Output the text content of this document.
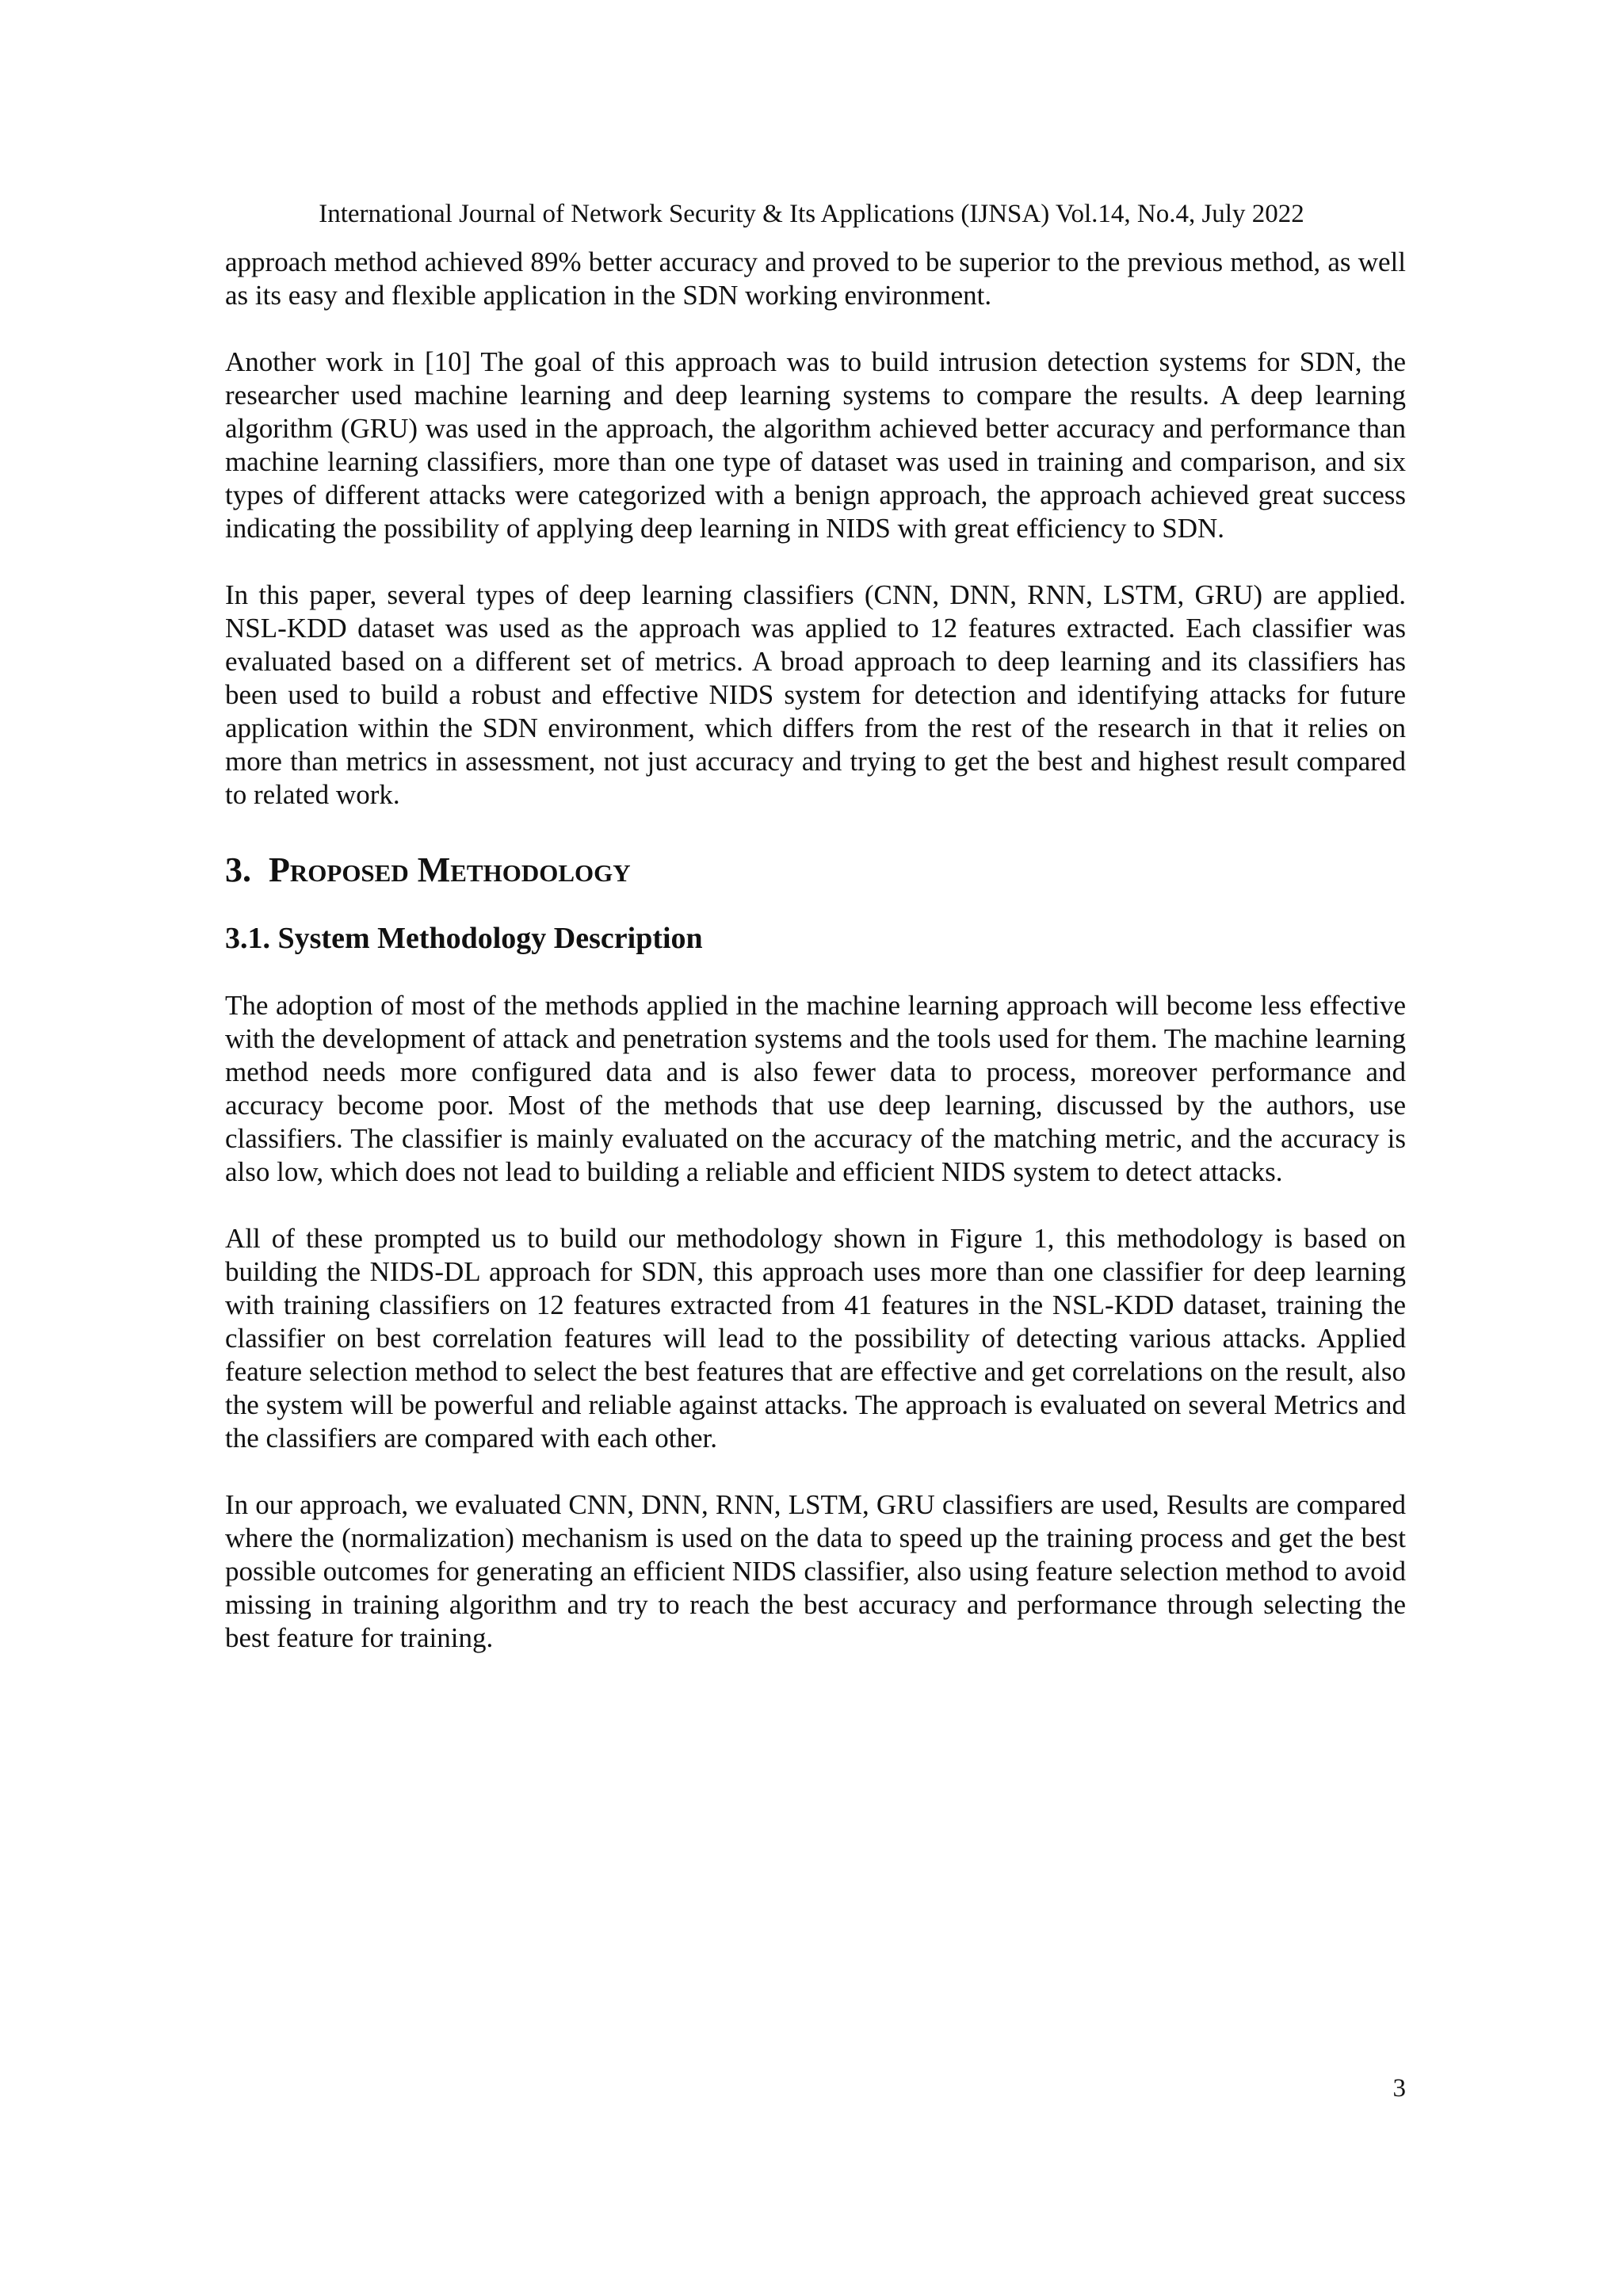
International Journal of Network Security & Its Applications (IJNSA) Vol.14, No.4, July 2022

approach method achieved 89% better accuracy and proved to be superior to the previous method, as well as its easy and flexible application in the SDN working environment.

Another work in [10] The goal of this approach was to build intrusion detection systems for SDN, the researcher used machine learning and deep learning systems to compare the results. A deep learning algorithm (GRU) was used in the approach, the algorithm achieved better accuracy and performance than machine learning classifiers, more than one type of dataset was used in training and comparison, and six types of different attacks were categorized with a benign approach, the approach achieved great success indicating the possibility of applying deep learning in NIDS with great efficiency to SDN.

In this paper, several types of deep learning classifiers (CNN, DNN, RNN, LSTM, GRU) are applied. NSL-KDD dataset was used as the approach was applied to 12 features extracted. Each classifier was evaluated based on a different set of metrics. A broad approach to deep learning and its classifiers has been used to build a robust and effective NIDS system for detection and identifying attacks for future application within the SDN environment, which differs from the rest of the research in that it relies on more than metrics in assessment, not just accuracy and trying to get the best and highest result compared to related work.

3. Proposed Methodology
3.1. System Methodology Description

The adoption of most of the methods applied in the machine learning approach will become less effective with the development of attack and penetration systems and the tools used for them. The machine learning method needs more configured data and is also fewer data to process, moreover performance and accuracy become poor. Most of the methods that use deep learning, discussed by the authors, use classifiers. The classifier is mainly evaluated on the accuracy of the matching metric, and the accuracy is also low, which does not lead to building a reliable and efficient NIDS system to detect attacks.

All of these prompted us to build our methodology shown in Figure 1, this methodology is based on building the NIDS-DL approach for SDN, this approach uses more than one classifier for deep learning with training classifiers on 12 features extracted from 41 features in the NSL-KDD dataset, training the classifier on best correlation features will lead to the possibility of detecting various attacks. Applied feature selection method to select the best features that are effective and get correlations on the result, also the system will be powerful and reliable against attacks. The approach is evaluated on several Metrics and the classifiers are compared with each other.

In our approach, we evaluated CNN, DNN, RNN, LSTM, GRU classifiers are used, Results are compared where the (normalization) mechanism is used on the data to speed up the training process and get the best possible outcomes for generating an efficient NIDS classifier, also using feature selection method to avoid missing in training algorithm and try to reach the best accuracy and performance through selecting the best feature for training.

3
